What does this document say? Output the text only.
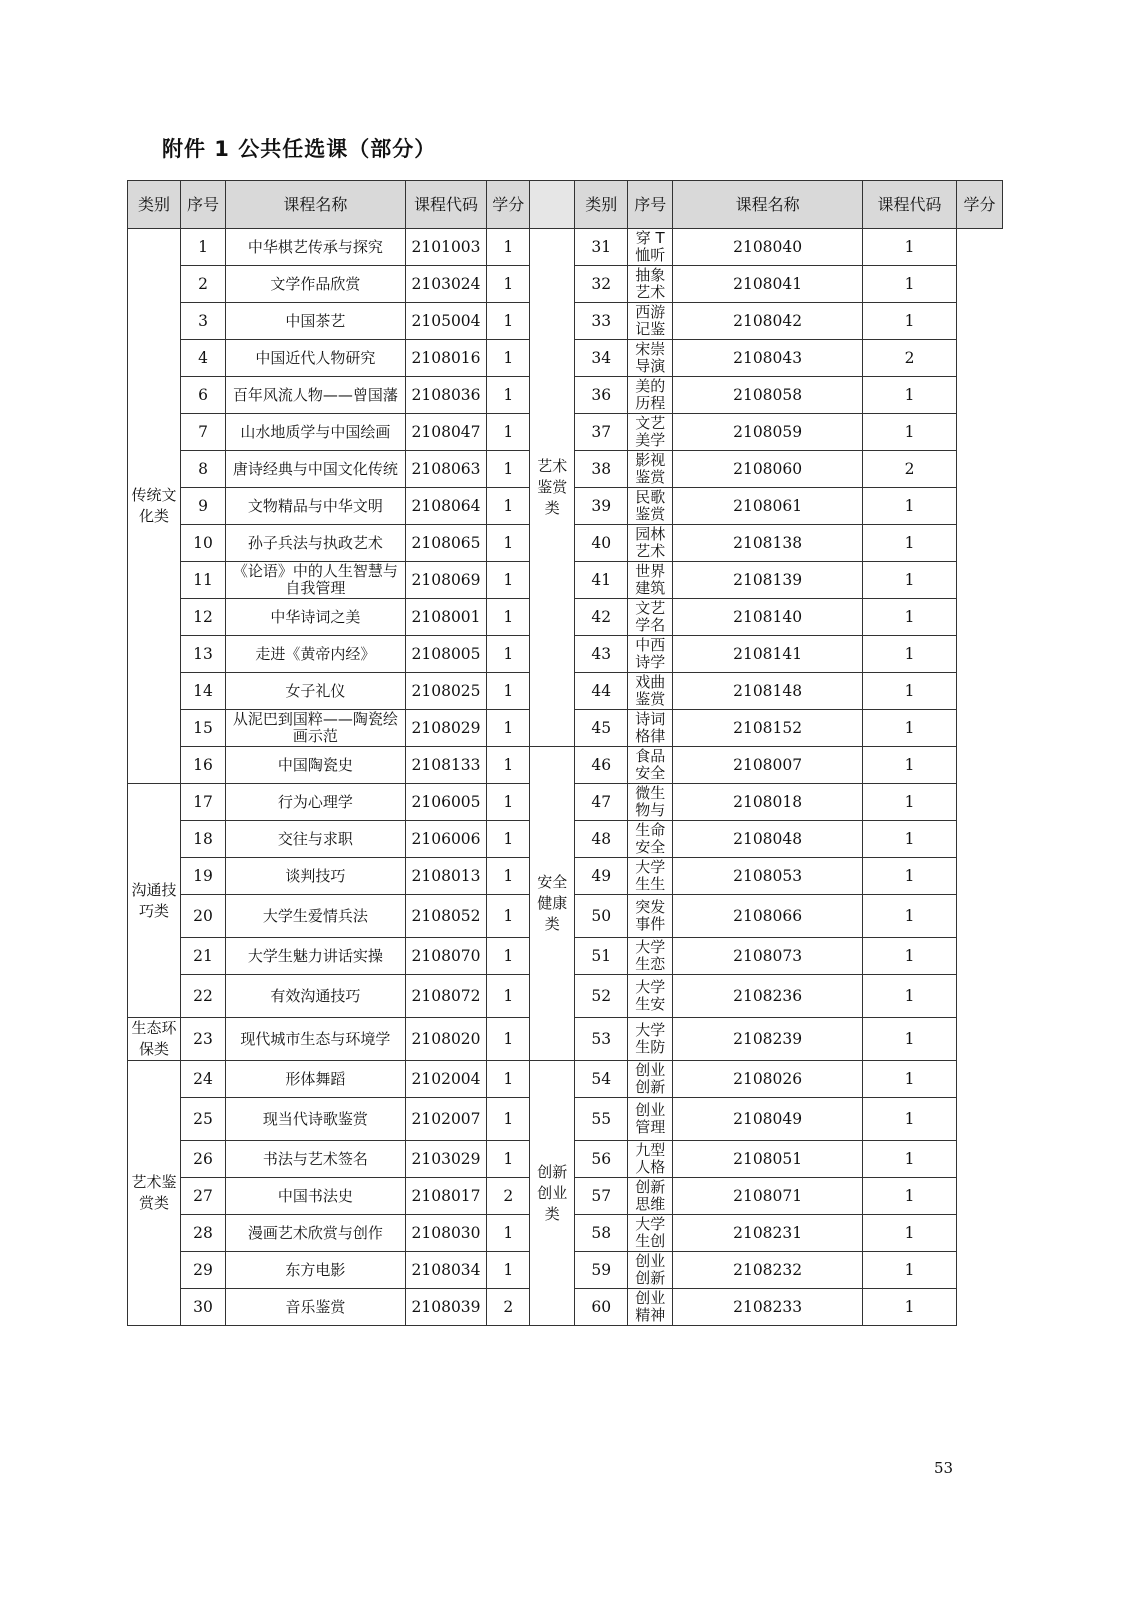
附件 1 公共任选课（部分）
类别	序号	课程名称	课程代码	学分		类别	序号	课程名称	课程代码	学分
传统文化类	1	中华棋艺传承与探究	2101003	1	艺术鉴赏类	31	穿 T 恤听	2108040	1	
	2	文学作品欣赏	2103024	1		32	抽象艺术	2108041	1	
	3	中国茶艺	2105004	1		33	西游记鉴	2108042	1	
	4	中国近代人物研究	2108016	1		34	宋崇导演	2108043	2	
	6	百年风流人物——曾国藩	2108036	1		36	美的历程	2108058	1	
	7	山水地质学与中国绘画	2108047	1		37	文艺美学	2108059	1	
	8	唐诗经典与中国文化传统	2108063	1		38	影视鉴赏	2108060	2	
	9	文物精品与中华文明	2108064	1		39	民歌鉴赏	2108061	1	
	10	孙子兵法与执政艺术	2108065	1		40	园林艺术	2108138	1	
	11	《论语》中的人生智慧与自我管理	2108069	1		41	世界建筑	2108139	1	
	12	中华诗词之美	2108001	1		42	文艺学名	2108140	1	
	13	走进《黄帝内经》	2108005	1		43	中西诗学	2108141	1	
	14	女子礼仪	2108025	1		44	戏曲鉴赏	2108148	1	
	15	从泥巴到国粹——陶瓷绘画示范	2108029	1		45	诗词格律	2108152	1	
	16	中国陶瓷史	2108133	1	安全健康类	46	食品安全	2108007	1	
沟通技巧类	17	行为心理学	2106005	1		47	微生物与	2108018	1	
	18	交往与求职	2106006	1		48	生命安全	2108048	1	
	19	谈判技巧	2108013	1		49	大学生生	2108053	1	
	20	大学生爱情兵法	2108052	1		50	突发事件	2108066	1	
	21	大学生魅力讲话实操	2108070	1		51	大学生恋	2108073	1	
	22	有效沟通技巧	2108072	1		52	大学生安	2108236	1	
生态环保类	23	现代城市生态与环境学	2108020	1		53	大学生防	2108239	1	
艺术鉴赏类	24	形体舞蹈	2102004	1	创新创业类	54	创业创新	2108026	1	
	25	现当代诗歌鉴赏	2102007	1		55	创业管理	2108049	1	
	26	书法与艺术签名	2103029	1		56	九型人格	2108051	1	
	27	中国书法史	2108017	2		57	创新思维	2108071	1	
	28	漫画艺术欣赏与创作	2108030	1		58	大学生创	2108231	1	
	29	东方电影	2108034	1		59	创业创新	2108232	1	
	30	音乐鉴赏	2108039	2		60	创业精神	2108233	1	
53
